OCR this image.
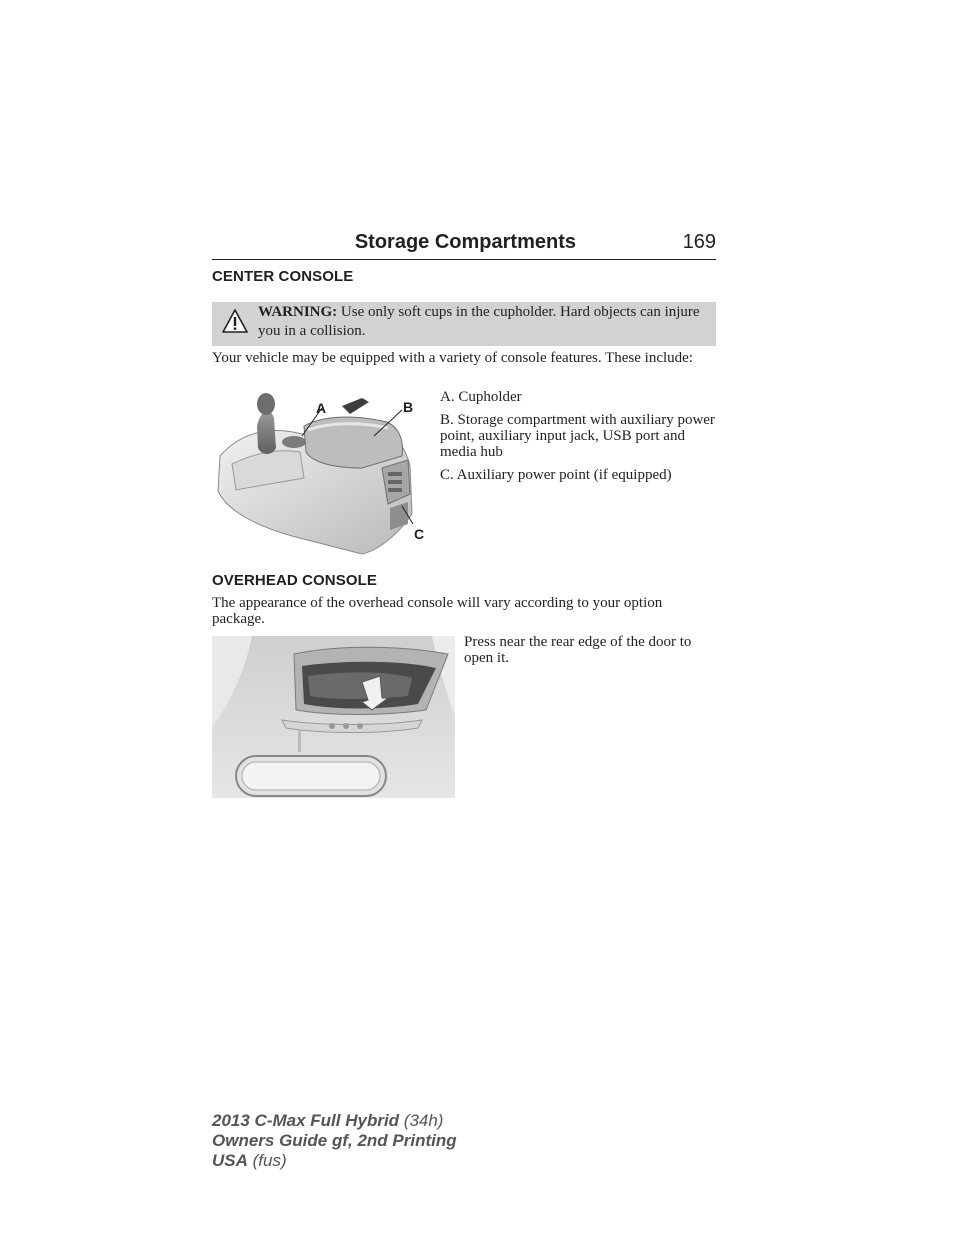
Storage Compartments	169
CENTER CONSOLE
WARNING: Use only soft cups in the cupholder. Hard objects can injure you in a collision.
Your vehicle may be equipped with a variety of console features. These include:
A	B
C

A. Cupholder

B. Storage compartment with auxiliary power point, auxiliary input jack, USB port and media hub

C. Auxiliary power point (if equipped)

OVERHEAD CONSOLE
The appearance of the overhead console will vary according to your option package.
Press near the rear edge of the door to open it.
2013 C-Max Full Hybrid (34h)
Owners Guide gf, 2nd Printing
USA (fus)
